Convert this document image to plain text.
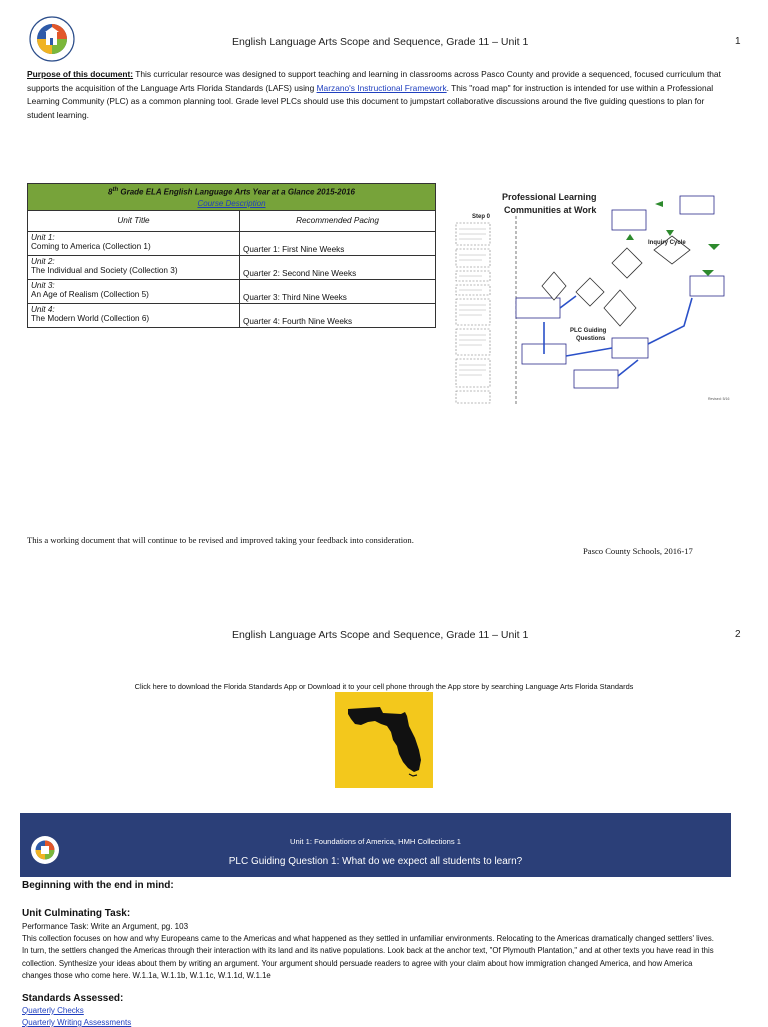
English Language Arts Scope and Sequence, Grade 11 – Unit 1	1
Purpose of this document: This curricular resource was designed to support teaching and learning in classrooms across Pasco County and provide a sequenced, focused curriculum that supports the acquisition of the Language Arts Florida Standards (LAFS) using Marzano's Instructional Framework. This "road map" for instruction is intended for use within a Professional Learning Community (PLC) as a common planning tool. Grade level PLCs should use this document to jumpstart collaborative discussions around the five guiding questions to plan for student learning.
8th Grade ELA English Language Arts Year at a Glance 2015-2016
Course Description	

Unit Title	Recommended Pacing

Unit 1:
Coming to America (Collection 1)	Quarter 1: First Nine Weeks

Unit 2:
The Individual and Society (Collection 3)	Quarter 2: Second Nine Weeks

Unit 3:
An Age of Realism (Collection 5)	Quarter 3: Third Nine Weeks

Unit 4:
The Modern World (Collection 6)	Quarter 4: Fourth Nine Weeks
Professional Learning
Communities at Work
Step 0
Inquiry Cycle
PLC Guiding
Questions
Revised: 5/16
This a working document that will continue to be revised and improved taking your feedback into consideration.
Pasco County Schools, 2016-17
English Language Arts Scope and Sequence, Grade 11 – Unit 1	2
Click here to download the Florida Standards App or Download it to your cell phone through the App store by searching Language Arts Florida Standards
Unit 1: Foundations of America, HMH Collections 1
PLC Guiding Question 1: What do we expect all students to learn?
Beginning with the end in mind:
Unit Culminating Task:
Performance Task: Write an Argument, pg. 103
This collection focuses on how and why Europeans came to the Americas and what happened as they settled in unfamiliar environments. Relocating to the Americas dramatically changed settlers' lives. In turn, the settlers changed the Americas through their interaction with its land and its native populations. Look back at the anchor text, "Of Plymouth Plantation," and at other texts you have read in this collection. Synthesize your ideas about them by writing an argument. Your argument should persuade readers to agree with your claim about how immigration changed America, and how America changes those who come here. W.1.1a, W.1.1b, W.1.1c, W.1.1d, W.1.1e
Standards Assessed:
Quarterly Checks
Quarterly Writing Assessments
